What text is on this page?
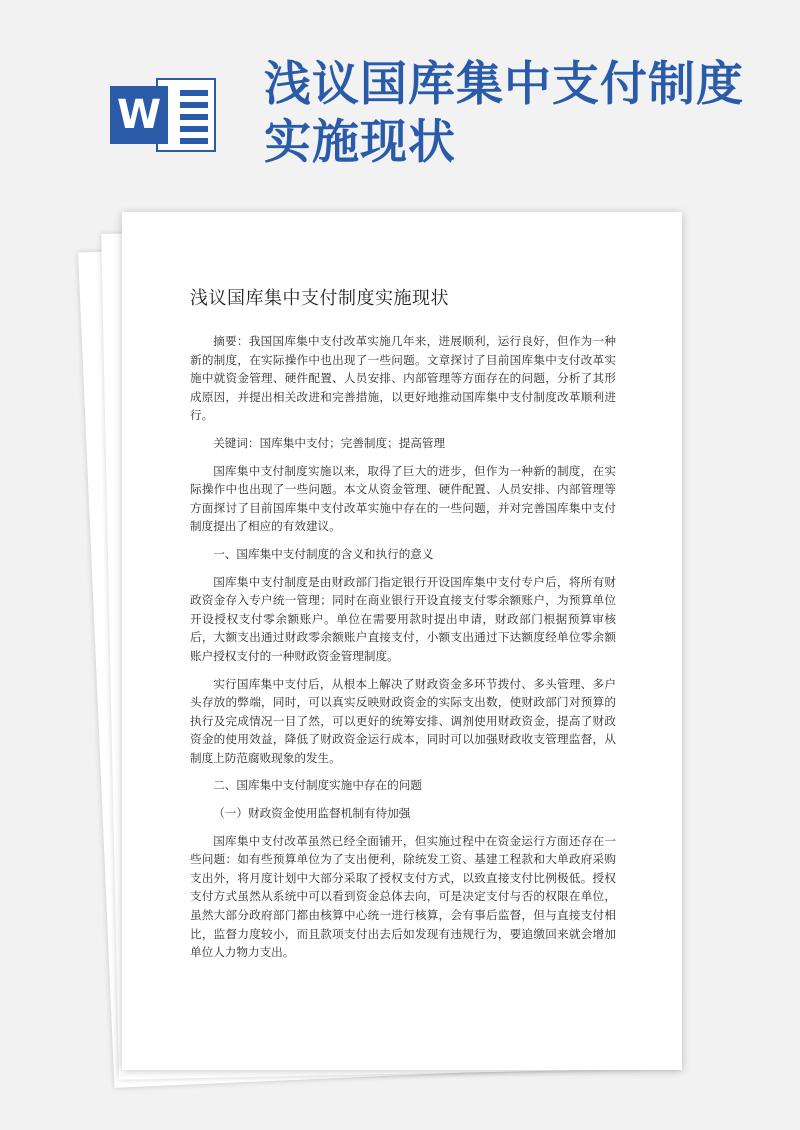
W
浅议国库集中支付制度实施现状
浅议国库集中支付制度实施现状

摘要：我国国库集中支付改革实施几年来，进展顺利，运行良好，但作为一种新的制度，在实际操作中也出现了一些问题。文章探讨了目前国库集中支付改革实施中就资金管理、硬件配置、人员安排、内部管理等方面存在的问题，分析了其形成原因，并提出相关改进和完善措施，以更好地推动国库集中支付制度改革顺利进行。

关键词：国库集中支付；完善制度；提高管理

国库集中支付制度实施以来，取得了巨大的进步，但作为一种新的制度，在实际操作中也出现了一些问题。本文从资金管理、硬件配置、人员安排、内部管理等方面探讨了目前国库集中支付改革实施中存在的一些问题，并对完善国库集中支付制度提出了相应的有效建议。

一、国库集中支付制度的含义和执行的意义

国库集中支付制度是由财政部门指定银行开设国库集中支付专户后，将所有财政资金存入专户统一管理；同时在商业银行开设直接支付零余额账户，为预算单位开设授权支付零余额账户。单位在需要用款时提出申请，财政部门根据预算审核后，大额支出通过财政零余额账户直接支付，小额支出通过下达额度经单位零余额账户授权支付的一种财政资金管理制度。

实行国库集中支付后，从根本上解决了财政资金多环节拨付、多头管理、多户头存放的弊端，同时，可以真实反映财政资金的实际支出数，使财政部门对预算的执行及完成情况一目了然，可以更好的统筹安排、调剂使用财政资金，提高了财政资金的使用效益，降低了财政资金运行成本，同时可以加强财政收支管理监督，从制度上防范腐败现象的发生。

二、国库集中支付制度实施中存在的问题

（一）财政资金使用监督机制有待加强

国库集中支付改革虽然已经全面铺开，但实施过程中在资金运行方面还存在一些问题：如有些预算单位为了支出便利，除统发工资、基建工程款和大单政府采购支出外，将月度计划中大部分采取了授权支付方式，以致直接支付比例极低。授权支付方式虽然从系统中可以看到资金总体去向，可是决定支付与否的权限在单位，虽然大部分政府部门都由核算中心统一进行核算，会有事后监督，但与直接支付相比，监督力度较小，而且款项支付出去后如发现有违规行为，要追缴回来就会增加单位人力物力支出。
